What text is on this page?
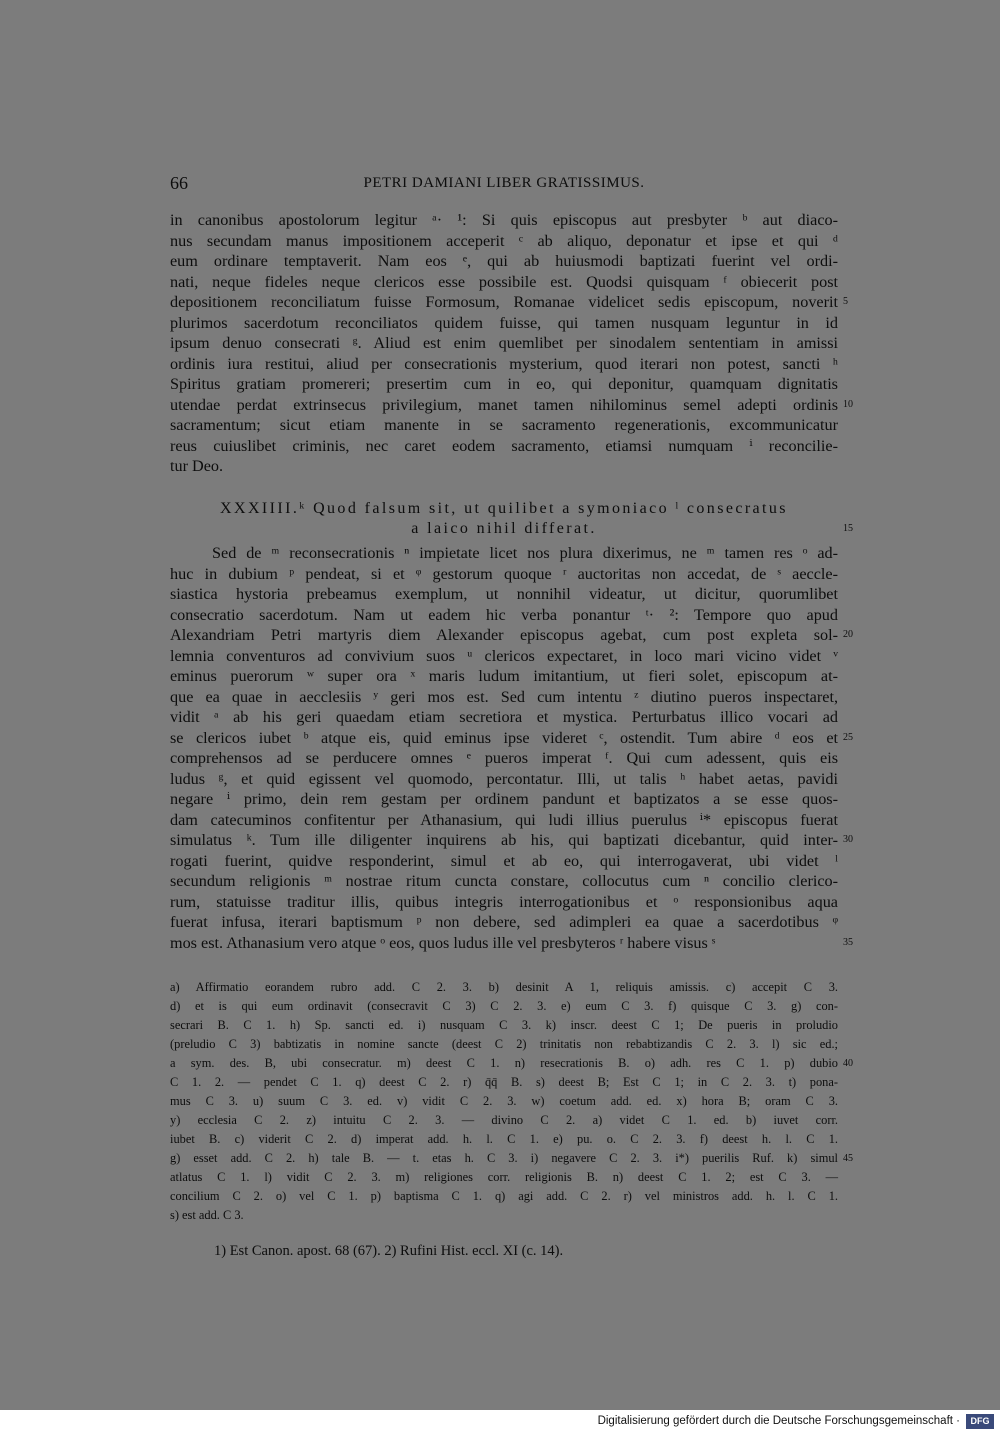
66	PETRI DAMIANI LIBER GRATISSIMUS.
in canonibus apostolorum legitur ᵃ· ¹: Si quis episcopus aut presbyter ᵇ aut diaco-
nus secundam manus impositionem acceperit ᶜ ab aliquo, deponatur et ipse et qui ᵈ
eum ordinare temptaverit. Nam eos ᵉ, qui ab huiusmodi baptizati fuerint vel ordi-
nati, neque fideles neque clericos esse possibile est. Quodsi quisquam ᶠ obiecerit post
depositionem reconciliatum fuisse Formosum, Romanae videlicet sedis episcopum, noverit 5
plurimos sacerdotum reconciliatos quidem fuisse, qui tamen nusquam leguntur in id
ipsum denuo consecrati ᵍ. Aliud est enim quemlibet per sinodalem sententiam in amissi
ordinis iura restitui, aliud per consecrationis mysterium, quod iterari non potest, sancti ʰ
Spiritus gratiam promereri; presertim cum in eo, qui deponitur, quamquam dignitatis
utendae perdat extrinsecus privilegium, manet tamen nihilominus semel adepti ordinis 10
sacramentum; sicut etiam manente in se sacramento regenerationis, excommunicatur
reus cuiuslibet criminis, nec caret eodem sacramento, etiamsi numquam ⁱ reconcilie-
tur Deo.
XXXIIII.ᵏ Quod falsum sit, ut quilibet a symoniaco ˡ consecratus
a laico nihil differat.	15
Sed de ᵐ reconsecrationis ⁿ impietate licet nos plura dixerimus, ne ᵐ tamen res ᵒ ad-
huc in dubium ᵖ pendeat, si et ᵠ gestorum quoque ʳ auctoritas non accedat, de ˢ aeccle-
siastica hystoria prebeamus exemplum, ut nonnihil videatur, ut dicitur, quorumlibet
consecratio sacerdotum. Nam ut eadem hic verba ponantur ᵗ· ²: Tempore quo apud
Alexandriam Petri martyris diem Alexander episcopus agebat, cum post expleta sol- 20
lemnia conventuros ad convivium suos ᵘ clericos expectaret, in loco mari vicino videt ᵛ
eminus puerorum ʷ super ora ˣ maris ludum imitantium, ut fieri solet, episcopum at-
que ea quae in aecclesiis ʸ geri mos est. Sed cum intentu ᶻ diutino pueros inspectaret,
vidit ᵃ ab his geri quaedam etiam secretiora et mystica. Perturbatus illico vocari ad
se clericos iubet ᵇ atque eis, quid eminus ipse videret ᶜ, ostendit. Tum abire ᵈ eos et 25
comprehensos ad se perducere omnes ᵉ pueros imperat ᶠ. Qui cum adessent, quis eis
ludus ᵍ, et quid egissent vel quomodo, percontatur. Illi, ut talis ʰ habet aetas, pavidi
negare ⁱ primo, dein rem gestam per ordinem pandunt et baptizatos a se esse quos-
dam catecuminos confitentur per Athanasium, qui ludi illius puerulus ⁱ* episcopus fuerat
simulatus ᵏ. Tum ille diligenter inquirens ab his, qui baptizati dicebantur, quid inter- 30
rogati fuerint, quidve responderint, simul et ab eo, qui interrogaverat, ubi videt ˡ
secundum religionis ᵐ nostrae ritum cuncta constare, collocutus cum ⁿ concilio clerico-
rum, statuisse traditur illis, quibus integris interrogationibus et ᵒ responsionibus aqua
fuerat infusa, iterari baptismum ᵖ non debere, sed adimpleri ea quae a sacerdotibus ᵠ
mos est. Athanasium vero atque ᵒ eos, quos ludus ille vel presbyteros ʳ habere visus ˢ	35
a) Affirmatio eorandem rubro add. C 2. 3. b) desinit A 1, reliquis amissis. c) accepit C 3.
d) et is qui eum ordinavit (consecravit C 3) C 2. 3. e) eum C 3. f) quisque C 3. g) con-
secrari B. C 1. h) Sp. sancti ed. i) nusquam C 3. k) inscr. deest C 1; De pueris in proludio
(preludio C 3) babtizatis in nomine sancte (deest C 2) trinitatis non rebabtizandis C 2. 3. l) sic ed.;
a sym. des. B, ubi consecratur. m) deest C 1. n) resecrationis B. o) adh. res C 1. p) dubio 40
C 1. 2. — pendet C 1. q) deest C 2. r) q̄q̄ B. s) deest B; Est C 1; in C 2. 3. t) pona-
mus C 3. u) suum C 3. ed. v) vidit C 2. 3. w) coetum add. ed. x) hora B; oram C 3.
y) ecclesia C 2. z) intuitu C 2. 3. — divino C 2. a) videt C 1. ed. b) iuvet corr.
iubet B. c) viderit C 2. d) imperat add. h. l. C 1. e) pu. o. C 2. 3. f) deest h. l. C 1.
g) esset add. C 2. h) tale B. — t. etas h. C 3. i) negavere C 2. 3. i*) puerilis Ruf. k) simul 45
atlatus C 1. l) vidit C 2. 3. m) religiones corr. religionis B. n) deest C 1. 2; est C 3. —
concilium C 2. o) vel C 1. p) baptisma C 1. q) agi add. C 2. r) vel ministros add. h. l. C 1.
s) est add. C 3.
1) Est Canon. apost. 68 (67). 2) Rufini Hist. eccl. XI (c. 14).
Digitalisierung gefördert durch die Deutsche Forschungsgemeinschaft ·	DFG
